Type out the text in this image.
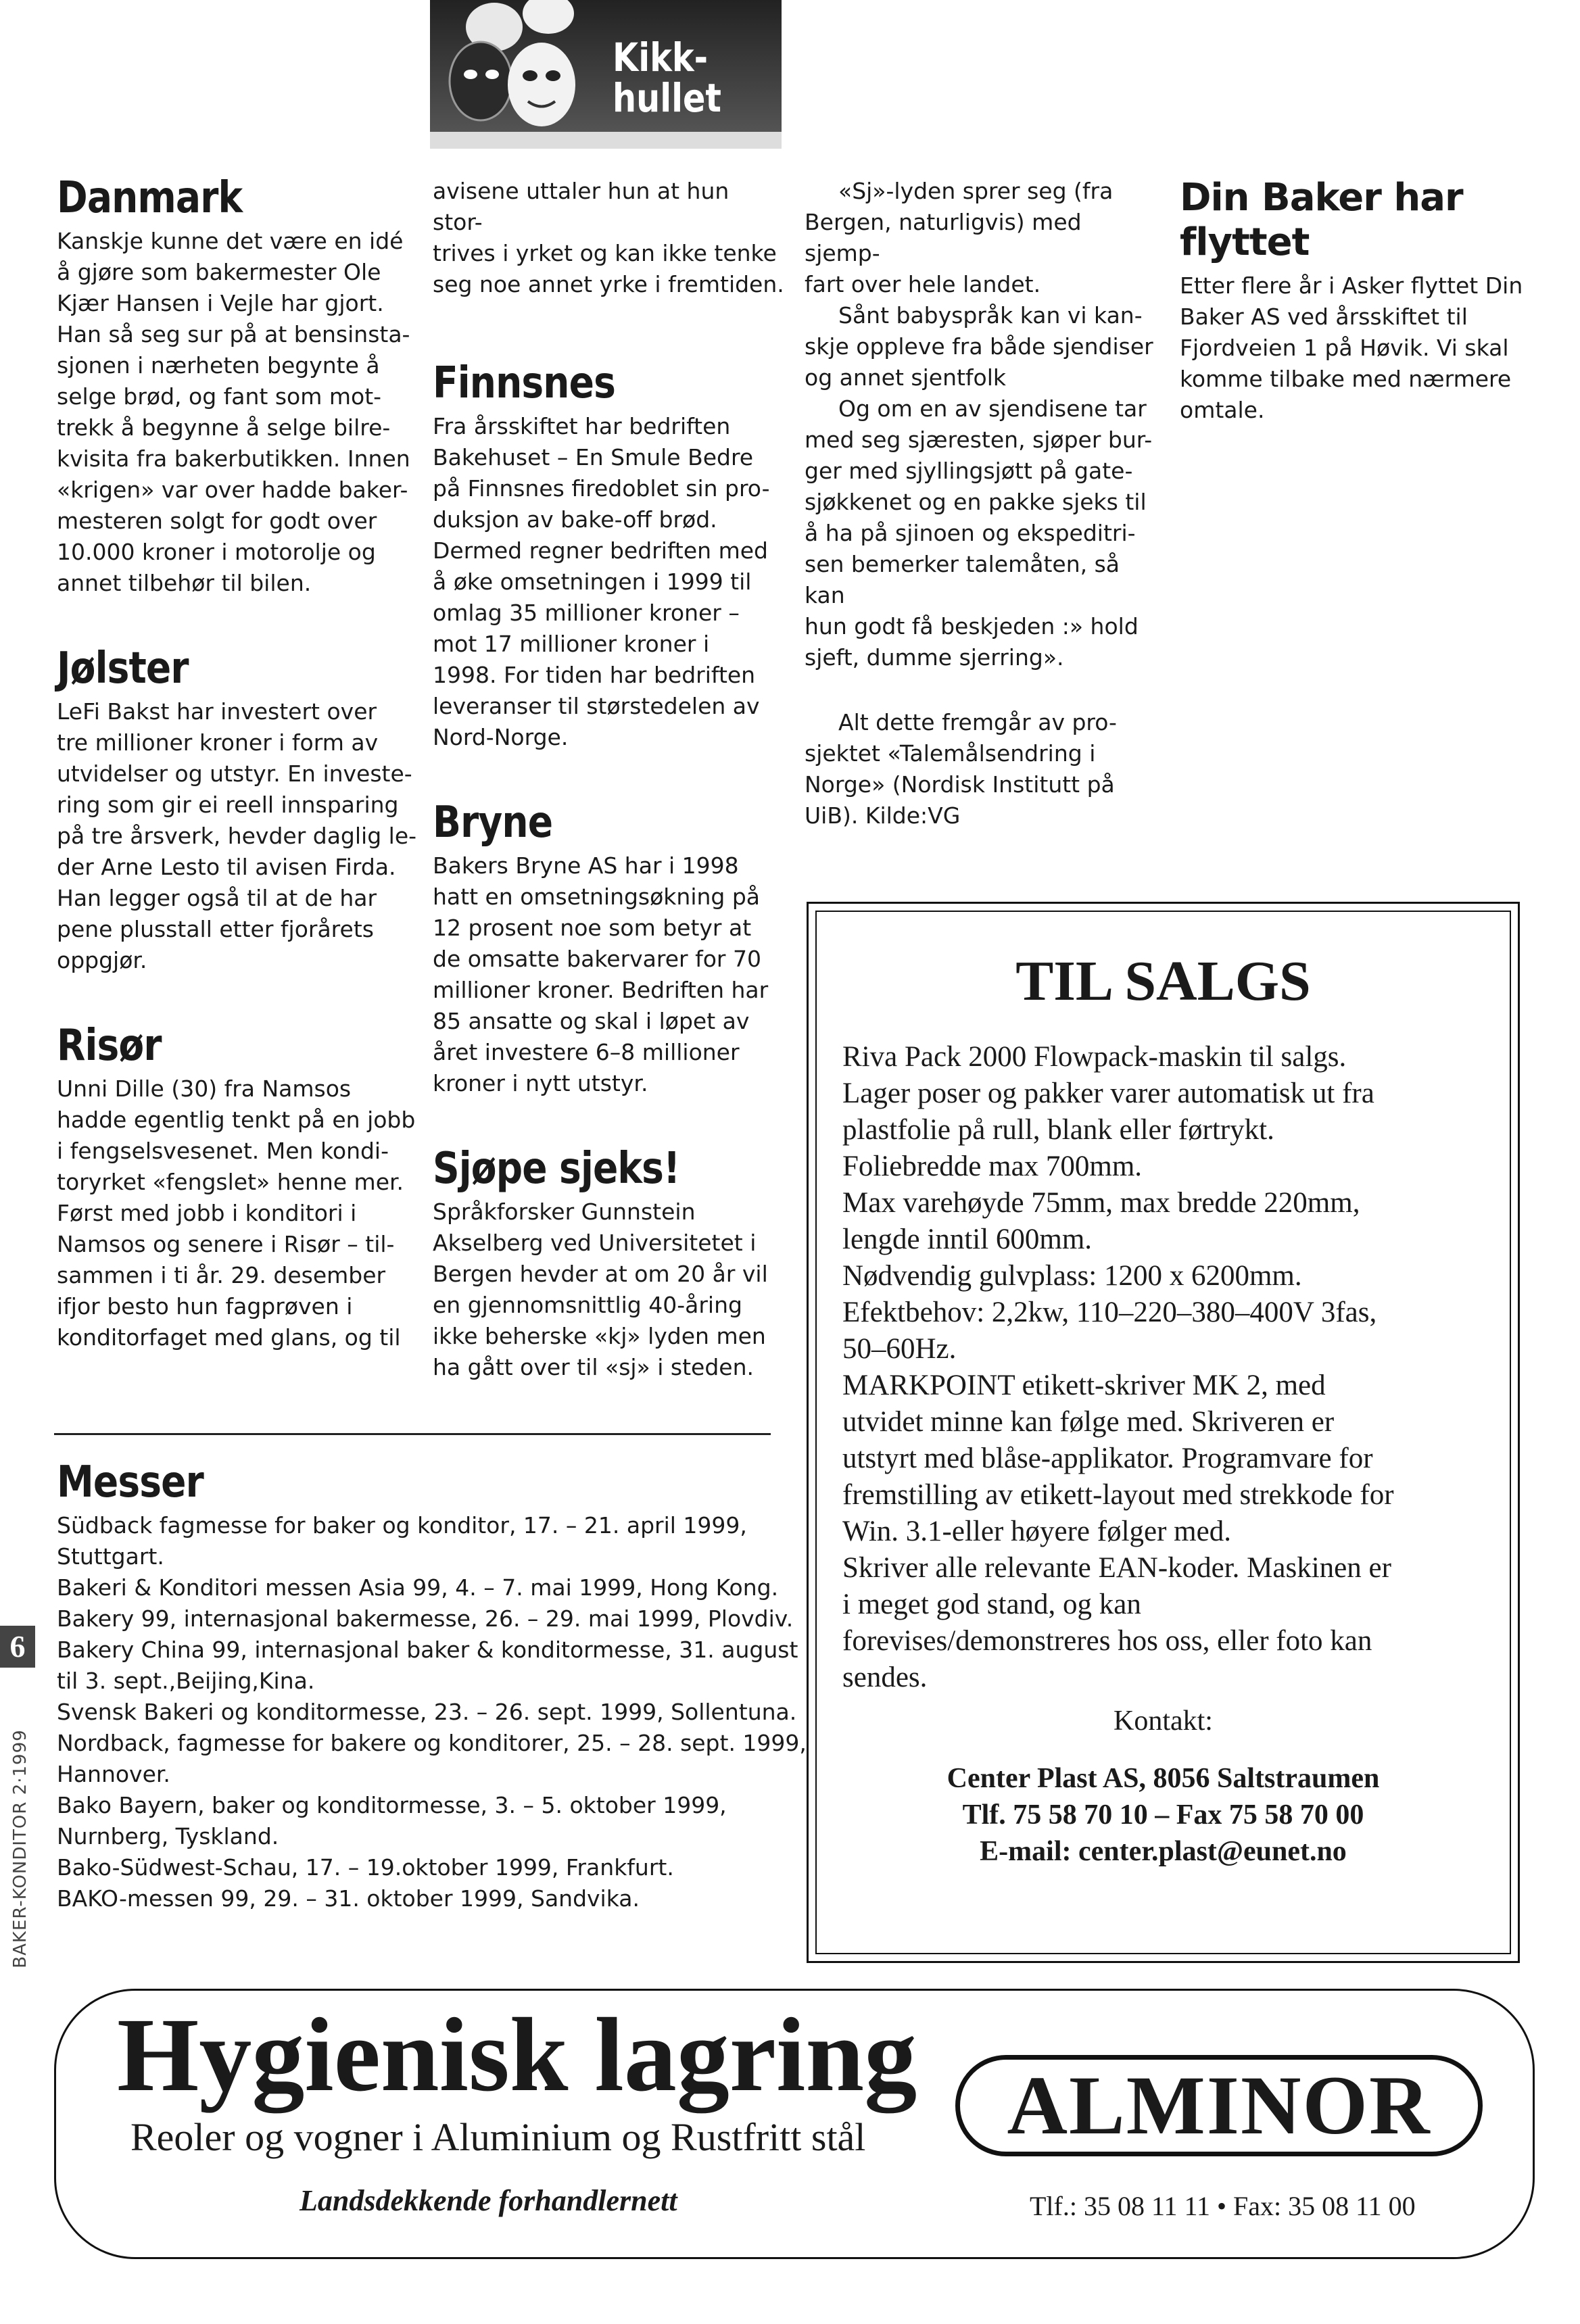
Kikk-
hullet
Danmark

Kanskje kunne det være en idé
å gjøre som bakermester Ole
Kjær Hansen i Vejle har gjort.
Han så seg sur på at bensinsta-
sjonen i nærheten begynte å
selge brød, og fant som mot-
trekk å begynne å selge bilre-
kvisita fra bakerbutikken. Innen
«krigen» var over hadde baker-
mesteren solgt for godt over
10.000 kroner i motorolje og
annet tilbehør til bilen.

Jølster

LeFi Bakst har investert over
tre millioner kroner i form av
utvidelser og utstyr. En investe-
ring som gir ei reell innsparing
på tre årsverk, hevder daglig le-
der Arne Lesto til avisen Firda.
Han legger også til at de har
pene plusstall etter fjorårets
oppgjør.

Risør

Unni Dille (30) fra Namsos
hadde egentlig tenkt på en jobb
i fengselsvesenet. Men kondi-
toryrket «fengslet» henne mer.
Først med jobb i konditori i
Namsos og senere i Risør – til-
sammen i ti år. 29. desember
ifjor besto hun fagprøven i
konditorfaget med glans, og til

avisene uttaler hun at hun stor-
trives i yrket og kan ikke tenke
seg noe annet yrke i fremtiden.

Finnsnes

Fra årsskiftet har bedriften
Bakehuset – En Smule Bedre
på Finnsnes firedoblet sin pro-
duksjon av bake-off brød.
Dermed regner bedriften med
å øke omsetningen i 1999 til
omlag 35 millioner kroner –
mot 17 millioner kroner i
1998. For tiden har bedriften
leveranser til størstedelen av
Nord-Norge.

Bryne

Bakers Bryne AS har i 1998
hatt en omsetningsøkning på
12 prosent noe som betyr at
de omsatte bakervarer for 70
millioner kroner. Bedriften har
85 ansatte og skal i løpet av
året investere 6–8 millioner
kroner i nytt utstyr.

Sjøpe sjeks!

Språkforsker Gunnstein
Akselberg ved Universitetet i
Bergen hevder at om 20 år vil
en gjennomsnittlig 40-åring
ikke beherske «kj» lyden men
ha gått over til «sj» i steden.

«Sj»-lyden sprer seg (fra
Bergen, naturligvis) med sjemp-
fart over hele landet.

Sånt babyspråk kan vi kan-
skje oppleve fra både sjendiser
og annet sjentfolk

Og om en av sjendisene tar
med seg sjæresten, sjøper bur-
ger med sjyllingsjøtt på gate-
sjøkkenet og en pakke sjeks til
å ha på sjinoen og ekspeditri-
sen bemerker talemåten, så kan
hun godt få beskjeden :» hold
sjeft, dumme sjerring».

Alt dette fremgår av pro-
sjektet «Talemålsendring i
Norge» (Nordisk Institutt på
UiB). Kilde:VG

Din Baker har flyttet

Etter flere år i Asker flyttet Din
Baker AS ved årsskiftet til
Fjordveien 1 på Høvik. Vi skal
komme tilbake med nærmere
omtale.

Messer

Südback fagmesse for baker og konditor, 17. – 21. april 1999,
Stuttgart.
Bakeri & Konditori messen Asia 99, 4. – 7. mai 1999, Hong Kong.
Bakery 99, internasjonal bakermesse, 26. – 29. mai 1999, Plovdiv.
Bakery China 99, internasjonal baker & konditormesse, 31. august
til 3. sept.,Beijing,Kina.
Svensk Bakeri og konditormesse, 23. – 26. sept. 1999, Sollentuna.
Nordback, fagmesse for bakere og konditorer, 25. – 28. sept. 1999,
Hannover.
Bako Bayern, baker og konditormesse, 3. – 5. oktober 1999,
Nurnberg, Tyskland.
Bako-Südwest-Schau, 17. – 19.oktober 1999, Frankfurt.
BAKO-messen 99, 29. – 31. oktober 1999, Sandvika.

TIL SALGS
Riva Pack 2000 Flowpack-maskin til salgs.
Lager poser og pakker varer automatisk ut fra
plastfolie på rull, blank eller førtrykt.
Foliebredde max 700mm.
Max varehøyde 75mm, max bredde 220mm,
lengde inntil 600mm.
Nødvendig gulvplass: 1200 x 6200mm.
Efektbehov: 2,2kw, 110–220–380–400V 3fas,
50–60Hz.
MARKPOINT etikett-skriver MK 2, med
utvidet minne kan følge med. Skriveren er
utstyrt med blåse-applikator. Programvare for
fremstilling av etikett-layout med strekkode for
Win. 3.1-eller høyere følger med.
Skriver alle relevante EAN-koder. Maskinen er
i meget god stand, og kan
forevises/demonstreres hos oss, eller foto kan
sendes.
Kontakt:
Center Plast AS, 8056 Saltstraumen
Tlf. 75 58 70 10 – Fax 75 58 70 00
E-mail: center.plast@eunet.no
6
BAKER-KONDITOR 2·1999
Hygienisk lagring
Reoler og vogner i Aluminium og Rustfritt stål
Landsdekkende forhandlernett
ALMINOR
Tlf.: 35 08 11 11 • Fax: 35 08 11 00
